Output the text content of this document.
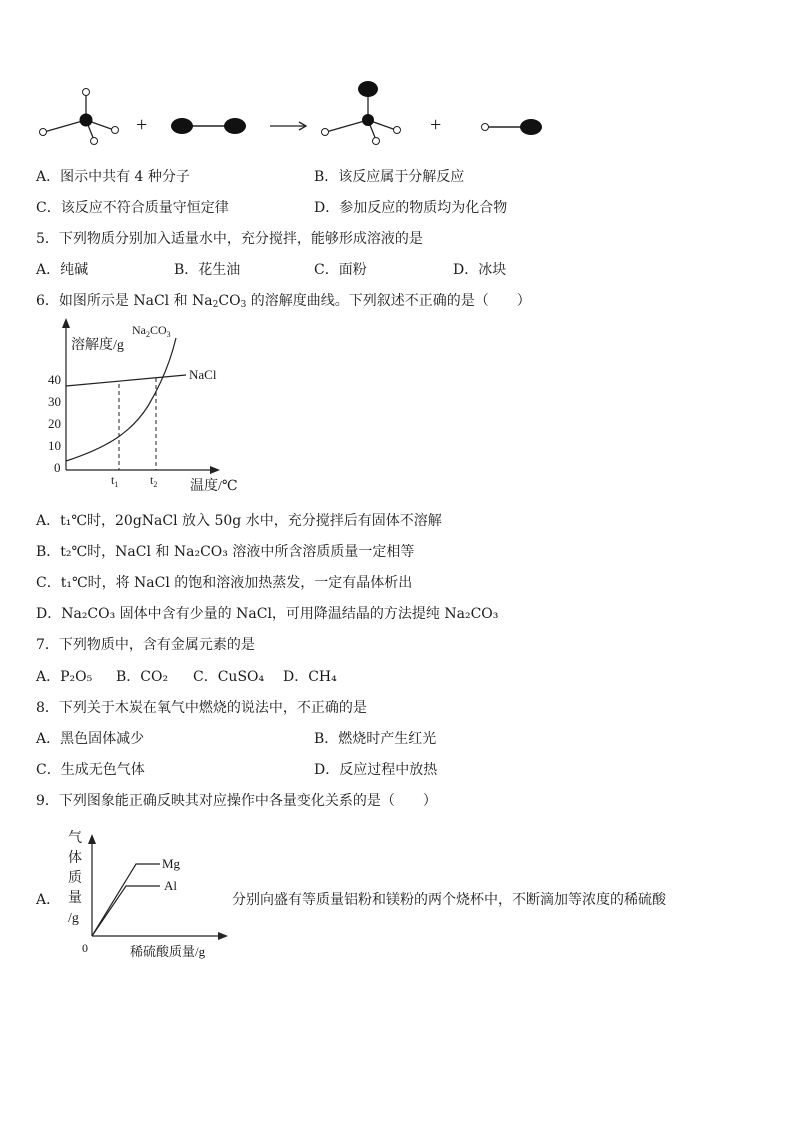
+	+
A．图示中共有 4 种分子	B．该反应属于分解反应
C．该反应不符合质量守恒定律	D．参加反应的物质均为化合物
5．下列物质分别加入适量水中，充分搅拌，能够形成溶液的是
A．纯碱	B．花生油	C．面粉	D．冰块
6．如图所示是 NaCl 和 $Na_2CO_3$ 的溶解度曲线。下列叙述不正确的是（　　）
溶解度/g
温度/℃
40
30
20
10
0
$t_1$	$t_2$
NaCl
$Na_2CO_3$
A．t₁℃时，20gNaCl 放入 50g 水中，充分搅拌后有固体不溶解
B．t₂℃时，NaCl 和 Na₂CO₃ 溶液中所含溶质质量一定相等
C．t₁℃时，将 NaCl 的饱和溶液加热蒸发，一定有晶体析出
D．Na₂CO₃ 固体中含有少量的 NaCl，可用降温结晶的方法提纯 Na₂CO₃
7．下列物质中，含有金属元素的是
A．P₂O₅ B．CO₂ C．CuSO₄ D．CH₄
8．下列关于木炭在氧气中燃烧的说法中，不正确的是
A．黑色固体减少	B．燃烧时产生红光
C．生成无色气体	D．反应过程中放热
9．下列图象能正确反映其对应操作中各量变化关系的是（　　）
A．
气
体
质
量
/g
0	稀硫酸质量/g
Mg
Al
分别向盛有等质量铝粉和镁粉的两个烧杯中，不断滴加等浓度的稀硫酸
